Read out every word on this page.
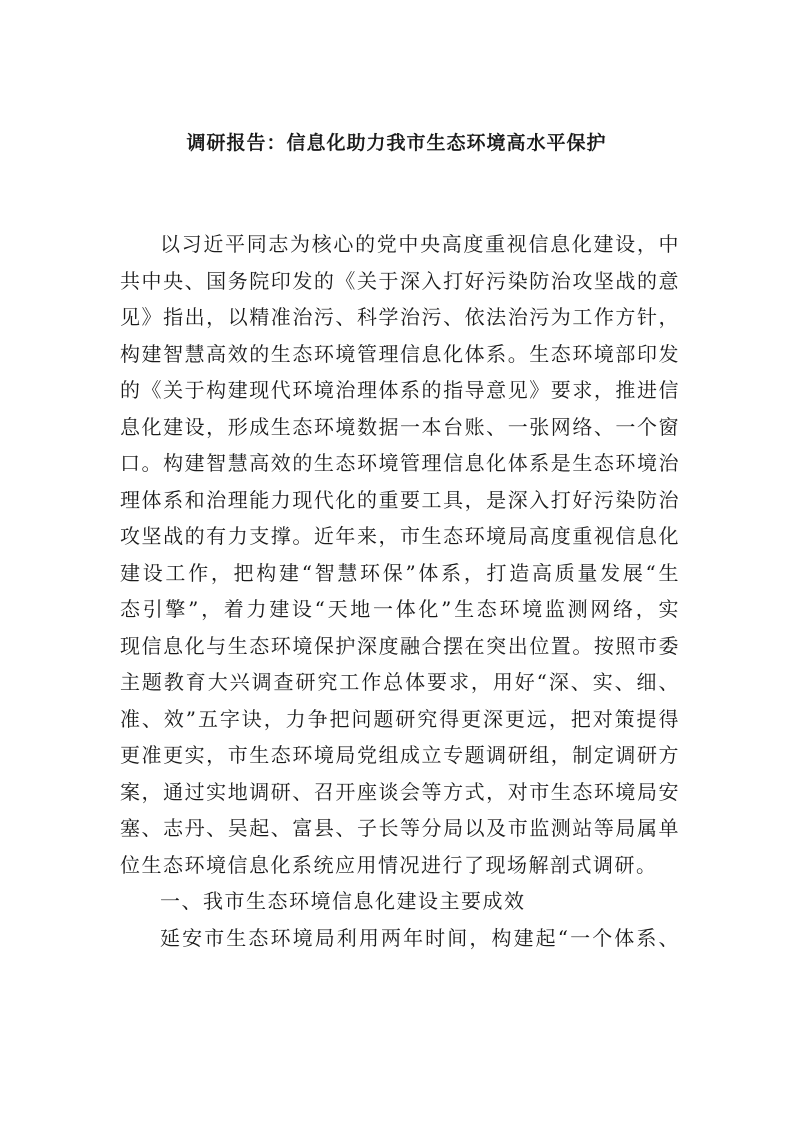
调研报告：信息化助力我市生态环境高水平保护
以习近平同志为核心的党中央高度重视信息化建设，中
共中央、国务院印发的《关于深入打好污染防治攻坚战的意
见》指出，以精准治污、科学治污、依法治污为工作方针，
构建智慧高效的生态环境管理信息化体系。生态环境部印发
的《关于构建现代环境治理体系的指导意见》要求，推进信
息化建设，形成生态环境数据一本台账、一张网络、一个窗
口。构建智慧高效的生态环境管理信息化体系是生态环境治
理体系和治理能力现代化的重要工具，是深入打好污染防治
攻坚战的有力支撑。近年来，市生态环境局高度重视信息化
建设工作，把构建“智慧环保”体系，打造高质量发展“生
态引擎”，着力建设“天地一体化”生态环境监测网络，实
现信息化与生态环境保护深度融合摆在突出位置。按照市委
主题教育大兴调查研究工作总体要求，用好“深、实、细、
准、效”五字诀，力争把问题研究得更深更远，把对策提得
更准更实，市生态环境局党组成立专题调研组，制定调研方
案，通过实地调研、召开座谈会等方式，对市生态环境局安
塞、志丹、吴起、富县、子长等分局以及市监测站等局属单
位生态环境信息化系统应用情况进行了现场解剖式调研。
一、我市生态环境信息化建设主要成效
延安市生态环境局利用两年时间，构建起“一个体系、
